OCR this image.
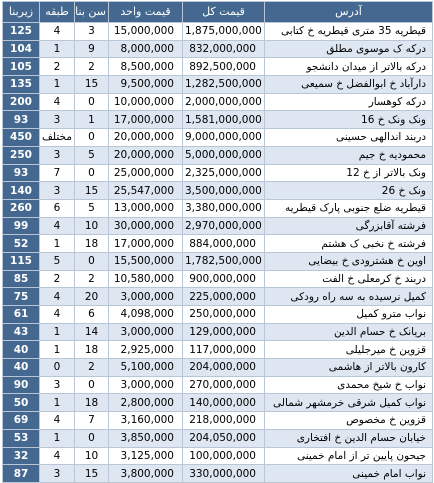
آدرس	قیمت کل	قیمت واحد	سن بنا	طبقه	زیربنا
قیطریه 35 متری قیطریه خ کتابی	1,875,000,000	15,000,000	3	4	125
درکه ک موسوی مطلق	832,000,000	8,000,000	9	1	104
درکه بالاتر از میدان دانشجو	892,500,000	8,500,000	2	2	105
دارآباد خ ابوالفضل خ سمیعی	1,282,500,000	9,500,000	15	1	135
درکه کوهسار	2,000,000,000	10,000,000	0	4	200
ونک ونک خ 16	1,581,000,000	17,000,000	1	3	93
دربند اندالهی حسینی	9,000,000,000	20,000,000	0	مختلف	450
محمودیه خ جیم	5,000,000,000	20,000,000	5	3	250
ونک بالاتر از خ 12	2,325,000,000	25,000,000	0	7	93
ونک خ 26	3,500,000,000	25,547,000	15	3	140
قیطریه ضلع جنوبی پارک قیطریه	3,380,000,000	13,000,000	5	6	260
فرشته آقابزرگی	2,970,000,000	30,000,000	10	4	99
فرشته خ نخبی ک هشتم	884,000,000	17,000,000	18	1	52
اوین خ هشترودی خ بیضایی	1,782,500,000	15,500,000	0	5	115
دربند خ کرمعلی خ الفت	900,000,000	10,580,000	2	2	85
کمیل نرسیده به سه راه رودکی	225,000,000	3,000,000	20	4	75
نواب مترو کمیل	250,000,000	4,098,000	6	4	61
بریانک خ حسام الدین	129,000,000	3,000,000	14	1	43
قزوین خ میرجلیلی	117,000,000	2,925,000	18	1	40
کارون بالاتر از هاشمی	204,000,000	5,100,000	2	0	40
نواب خ شیخ محمدی	270,000,000	3,000,000	0	3	90
نواب کمیل شرقی خرمشهر شمالی	140,000,000	2,800,000	18	1	50
قزوین خ مخصوص	218,000,000	3,160,000	7	4	69
خیابان حسام الدین خ افتخاری	204,050,000	3,850,000	0	1	53
جیحون پایین تر از امام خمینی	100,000,000	3,125,000	10	4	32
نواب امام خمینی	330,000,000	3,800,000	15	3	87
